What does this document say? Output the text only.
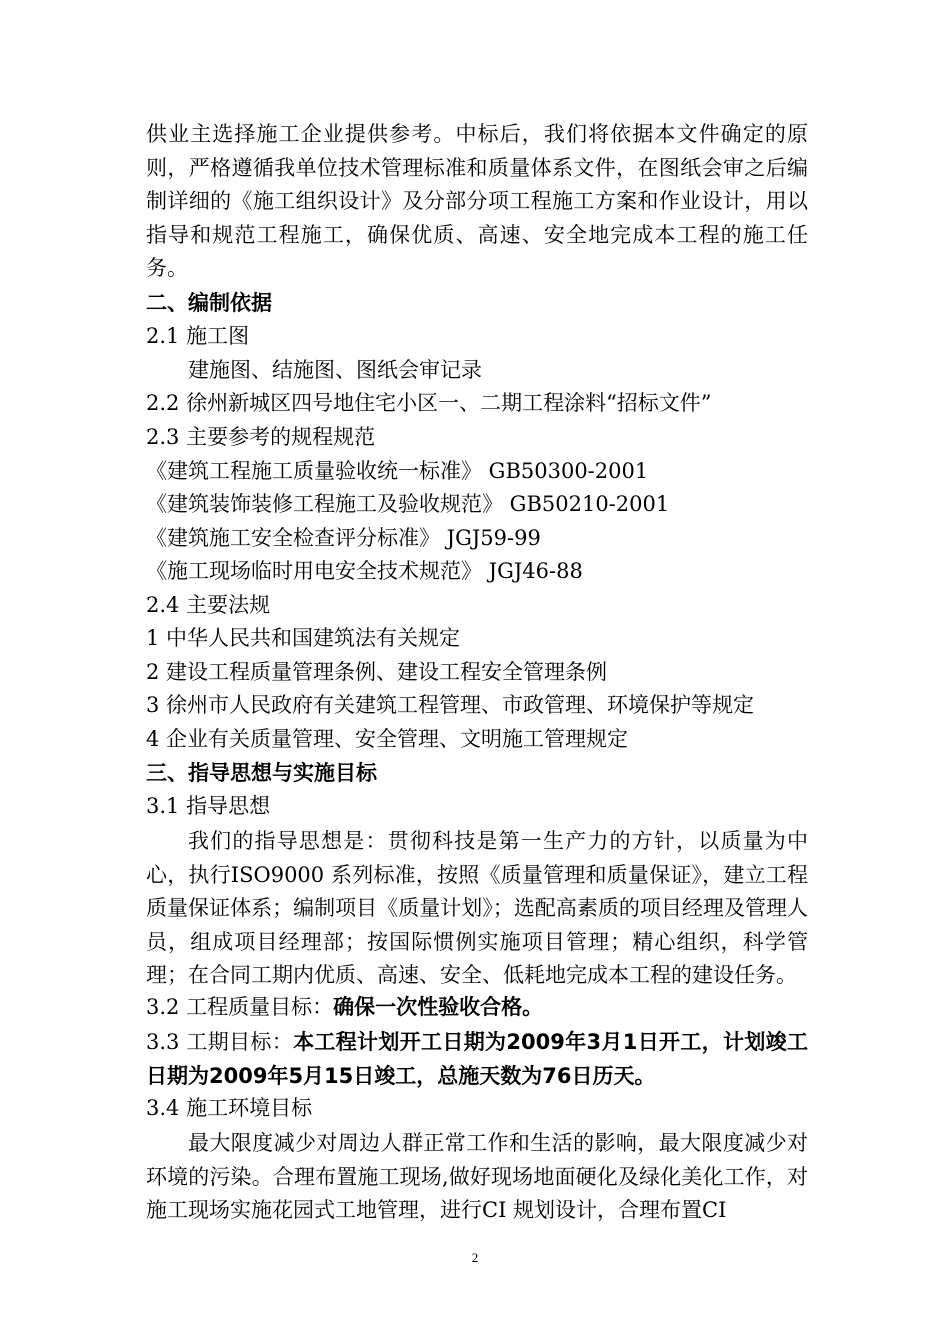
供业主选择施工企业提供参考。中标后，我们将依据本文件确定的原则，严格遵循我单位技术管理标准和质量体系文件，在图纸会审之后编制详细的《施工组织设计》及分部分项工程施工方案和作业设计，用以指导和规范工程施工，确保优质、高速、安全地完成本工程的施工任务。
二、编制依据
2.1 施工图
建施图、结施图、图纸会审记录
2.2 徐州新城区四号地住宅小区一、二期工程涂料“招标文件”
2.3 主要参考的规程规范
《建筑工程施工质量验收统一标准》 GB50300-2001
《建筑装饰装修工程施工及验收规范》 GB50210-2001
《建筑施工安全检查评分标准》 JGJ59-99
《施工现场临时用电安全技术规范》 JGJ46-88
2.4 主要法规
1 中华人民共和国建筑法有关规定
2 建设工程质量管理条例、建设工程安全管理条例
3 徐州市人民政府有关建筑工程管理、市政管理、环境保护等规定
4 企业有关质量管理、安全管理、文明施工管理规定
三、指导思想与实施目标
3.1 指导思想
我们的指导思想是：贯彻科技是第一生产力的方针，以质量为中心，执行ISO9000 系列标准，按照《质量管理和质量保证》，建立工程质量保证体系；编制项目《质量计划》；选配高素质的项目经理及管理人员，组成项目经理部；按国际惯例实施项目管理；精心组织，科学管理；在合同工期内优质、高速、安全、低耗地完成本工程的建设任务。
3.2 工程质量目标：确保一次性验收合格。
3.3 工期目标：本工程计划开工日期为2009年3月1日开工，计划竣工日期为2009年5月15日竣工，总施天数为76日历天。
3.4 施工环境目标
最大限度减少对周边人群正常工作和生活的影响，最大限度减少对环境的污染。合理布置施工现场,做好现场地面硬化及绿化美化工作，对施工现场实施花园式工地管理，进行CI 规划设计，合理布置CI
2
